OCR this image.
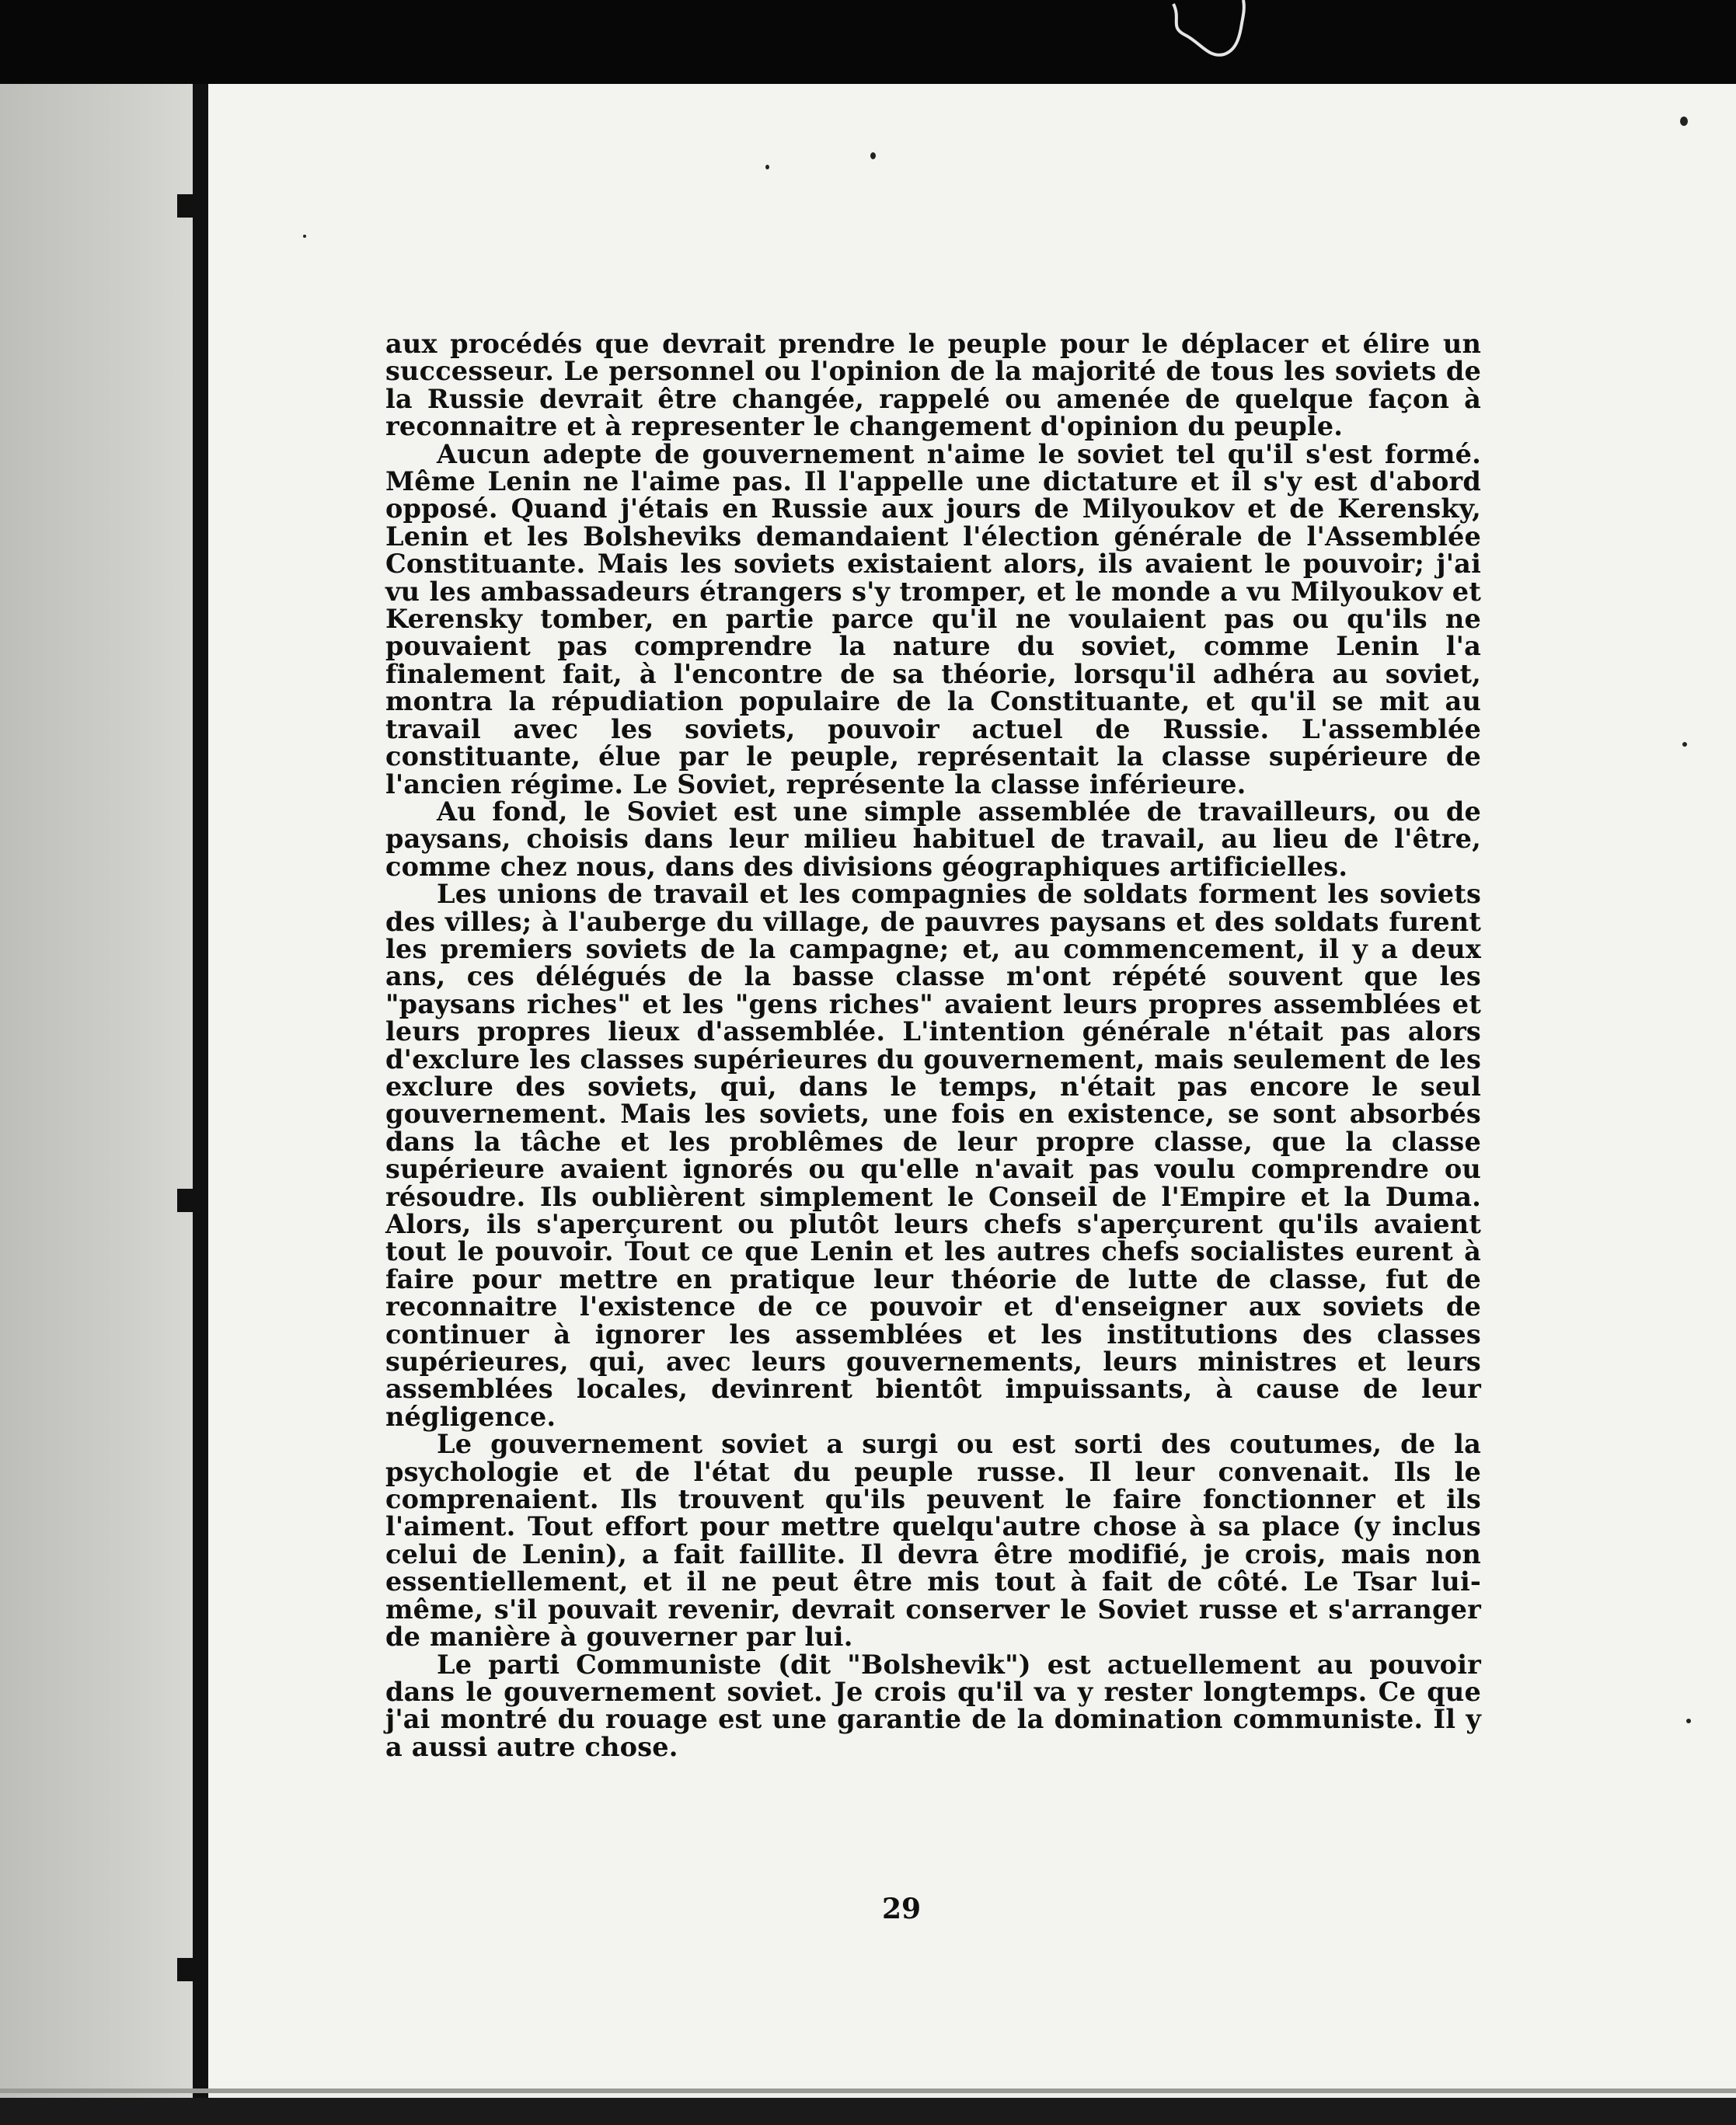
aux procédés que devrait prendre le peuple pour le déplacer et élire un successeur. Le personnel ou l'opinion de la majorité de tous les soviets de la Russie devrait être changée, rappelé ou amenée de quelque façon à reconnaitre et à representer le changement d'opinion du peuple.

Aucun adepte de gouvernement n'aime le soviet tel qu'il s'est formé. Même Lenin ne l'aime pas. Il l'appelle une dictature et il s'y est d'abord opposé. Quand j'étais en Russie aux jours de Milyoukov et de Kerensky, Lenin et les Bolsheviks demandaient l'élection générale de l'Assemblée Constituante. Mais les soviets existaient alors, ils avaient le pouvoir; j'ai vu les ambassadeurs étrangers s'y tromper, et le monde a vu Milyoukov et Kerensky tomber, en partie parce qu'il ne voulaient pas ou qu'ils ne pouvaient pas comprendre la nature du soviet, comme Lenin l'a finalement fait, à l'encontre de sa théorie, lorsqu'il adhéra au soviet, montra la répudiation populaire de la Constituante, et qu'il se mit au travail avec les soviets, pouvoir actuel de Russie. L'assemblée constituante, élue par le peuple, représentait la classe supérieure de l'ancien régime. Le Soviet, représente la classe inférieure.

Au fond, le Soviet est une simple assemblée de travailleurs, ou de paysans, choisis dans leur milieu habituel de travail, au lieu de l'être, comme chez nous, dans des divisions géographiques artificielles.

Les unions de travail et les compagnies de soldats forment les soviets des villes; à l'auberge du village, de pauvres paysans et des soldats furent les premiers soviets de la campagne; et, au commencement, il y a deux ans, ces délégués de la basse classe m'ont répété souvent que les "paysans riches" et les "gens riches" avaient leurs propres assemblées et leurs propres lieux d'assemblée. L'intention générale n'était pas alors d'exclure les classes supérieures du gouvernement, mais seulement de les exclure des soviets, qui, dans le temps, n'était pas encore le seul gouvernement. Mais les soviets, une fois en existence, se sont absorbés dans la tâche et les problêmes de leur propre classe, que la classe supérieure avaient ignorés ou qu'elle n'avait pas voulu comprendre ou résoudre. Ils oublièrent simplement le Conseil de l'Empire et la Duma. Alors, ils s'aperçurent ou plutôt leurs chefs s'aperçurent qu'ils avaient tout le pouvoir. Tout ce que Lenin et les autres chefs socialistes eurent à faire pour mettre en pratique leur théorie de lutte de classe, fut de reconnaitre l'existence de ce pouvoir et d'enseigner aux soviets de continuer à ignorer les assemblées et les institutions des classes supérieures, qui, avec leurs gouvernements, leurs ministres et leurs assemblées locales, devinrent bientôt impuissants, à cause de leur négligence.

Le gouvernement soviet a surgi ou est sorti des coutumes, de la psychologie et de l'état du peuple russe. Il leur convenait. Ils le comprenaient. Ils trouvent qu'ils peuvent le faire fonctionner et ils l'aiment. Tout effort pour mettre quelqu'autre chose à sa place (y inclus celui de Lenin), a fait faillite. Il devra être modifié, je crois, mais non essentiellement, et il ne peut être mis tout à fait de côté. Le Tsar lui-même, s'il pouvait revenir, devrait conserver le Soviet russe et s'arranger de manière à gouverner par lui.

Le parti Communiste (dit "Bolshevik") est actuellement au pouvoir dans le gouvernement soviet. Je crois qu'il va y rester longtemps. Ce que j'ai montré du rouage est une garantie de la domination communiste. Il y a aussi autre chose.

29
